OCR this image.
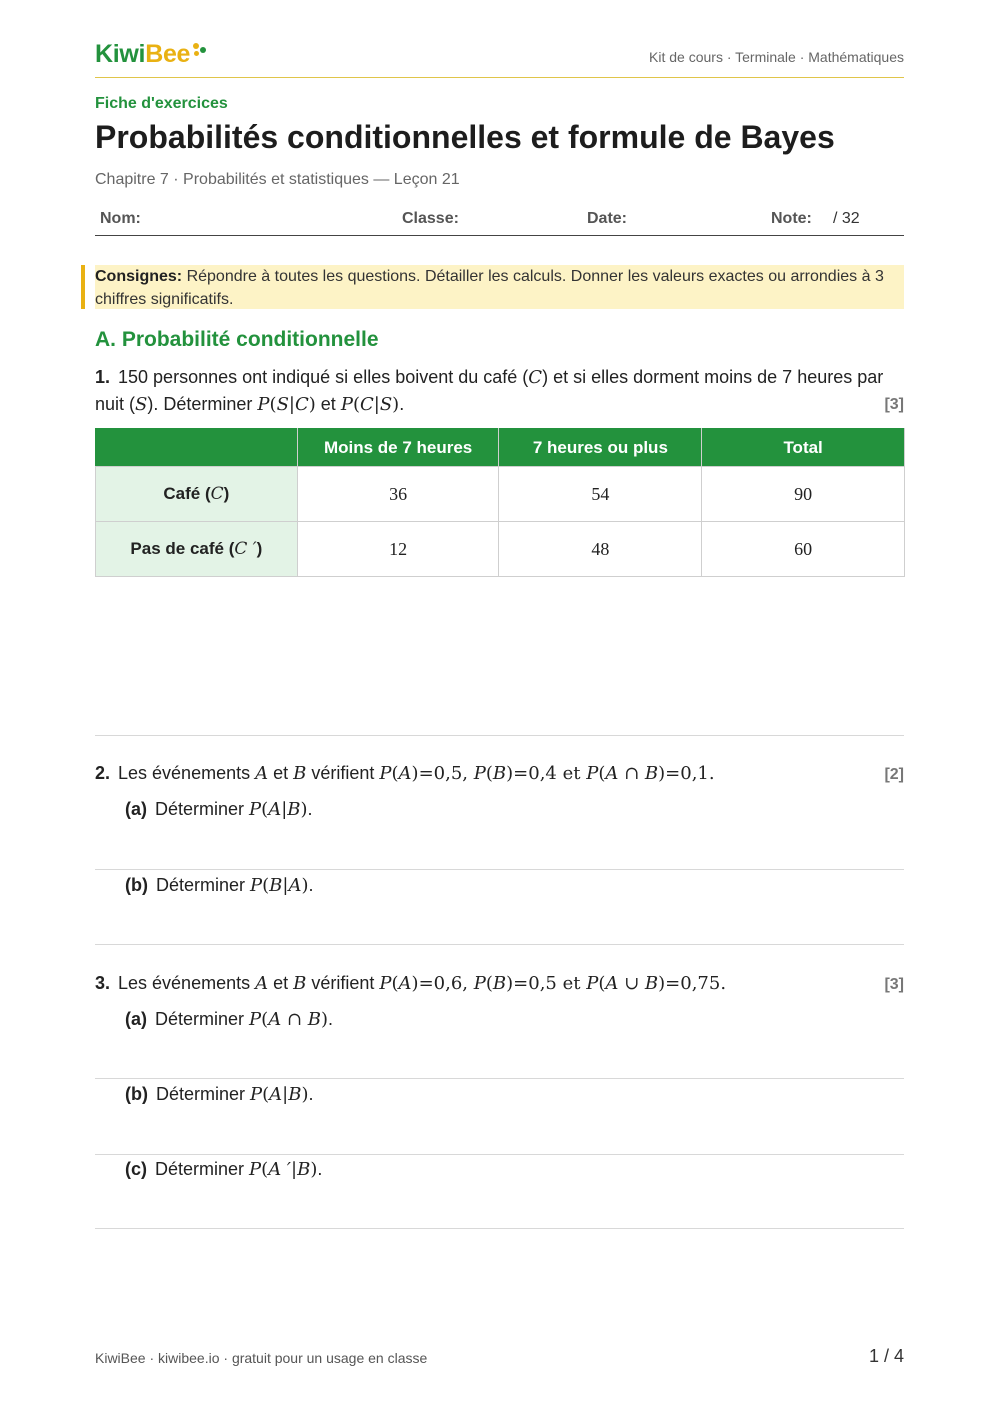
KiwiBee	Kit de cours · Terminale · Mathématiques
Fiche d'exercices
Probabilités conditionnelles et formule de Bayes
Chapitre 7 · Probabilités et statistiques — Leçon 21
Nom:	Classe:	Date:	Note: / 32
Consignes: Répondre à toutes les questions. Détailler les calculs. Donner les valeurs exactes ou arrondies à 3 chiffres significatifs.
A. Probabilité conditionnelle
1. 150 personnes ont indiqué si elles boivent du café (C) et si elles dorment moins de 7 heures par nuit (S). Déterminer P(S|C) et P(C|S).	[3]
	Moins de 7 heures	7 heures ou plus	Total
Café (C)	36	54	90
Pas de café (C ′)	12	48	60
2. Les événements A et B vérifient P(A)=0,5, P(B)=0,4 et P(A ∩ B)=0,1.	[2]
(a) Déterminer P(A|B).
(b) Déterminer P(B|A).
3. Les événements A et B vérifient P(A)=0,6, P(B)=0,5 et P(A ∪ B)=0,75.	[3]
(a) Déterminer P(A ∩ B).
(b) Déterminer P(A|B).
(c) Déterminer P(A ′|B).
KiwiBee · kiwibee.io · gratuit pour un usage en classe	1 / 4
